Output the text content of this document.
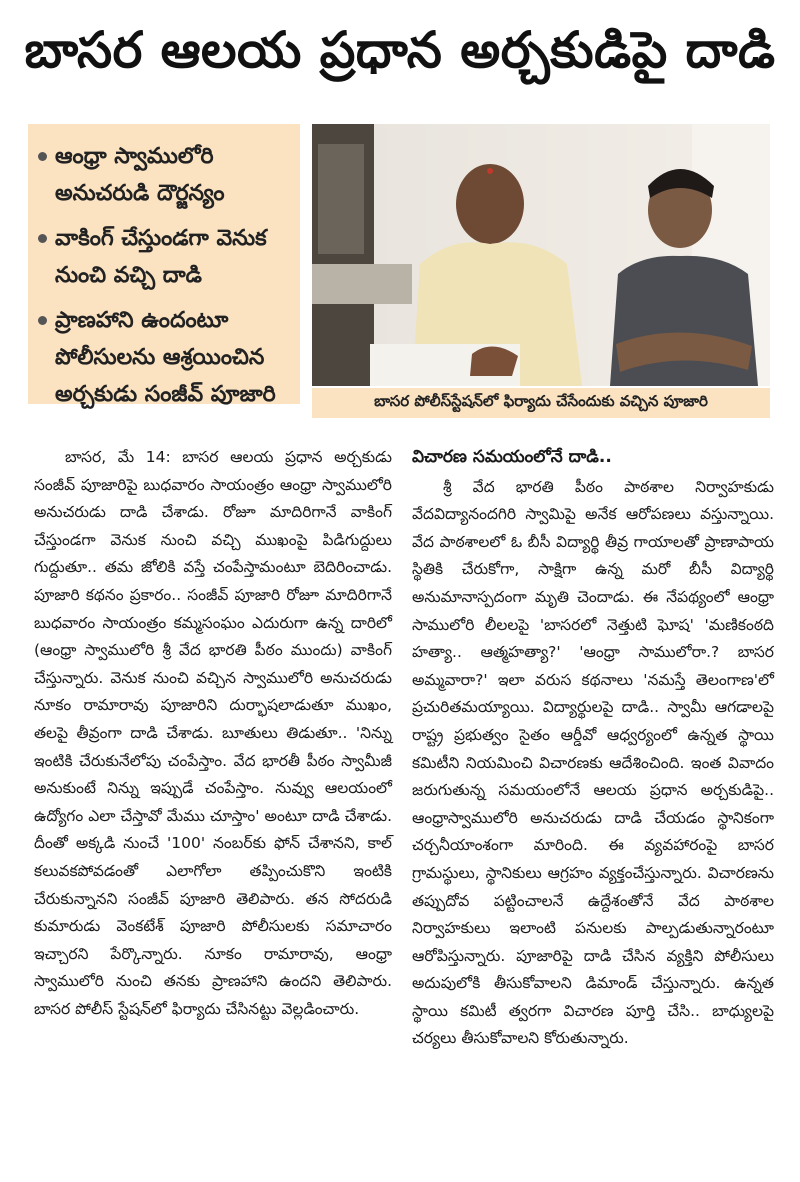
బాసర ఆలయ ప్రధాన అర్చకుడిపై దాడి
ఆంధ్రా స్వాములోరి అనుచరుడి దౌర్జన్యం
వాకింగ్ చేస్తుండగా వెనుక నుంచి వచ్చి దాడి
ప్రాణహాని ఉందంటూ పోలీసులను ఆశ్రయించిన అర్చకుడు సంజీవ్ పూజారి	బాసర పోలీస్‌స్టేషన్‌లో ఫిర్యాదు చేసేందుకు వచ్చిన పూజారి

బాసర, మే 14: బాసర ఆలయ ప్రధాన అర్చకుడు సంజీవ్ పూజారిపై బుధవారం సాయంత్రం ఆంధ్రా స్వాములోరి అనుచరుడు దాడి చేశాడు. రోజూ మాదిరిగానే వాకింగ్ చేస్తుండగా వెనుక నుంచి వచ్చి ముఖంపై పిడిగుద్దులు గుద్దుతూ.. తమ జోలికి వస్తే చంపేస్తామంటూ బెదిరించాడు. పూజారి కథనం ప్రకారం.. సంజీవ్ పూజారి రోజూ మాదిరిగానే బుధవారం సాయంత్రం కమ్మసంఘం ఎదురుగా ఉన్న దారిలో (ఆంధ్రా స్వాములోరి శ్రీ వేద భారతి పీఠం ముందు) వాకింగ్ చేస్తున్నారు. వెనుక నుంచి వచ్చిన స్వాములోరి అనుచరుడు నూకం రామారావు పూజారిని దుర్భాషలాడుతూ ముఖం, తలపై తీవ్రంగా దాడి చేశాడు. బూతులు తిడుతూ.. 'నిన్ను ఇంటికి చేరుకునేలోపు చంపేస్తాం. వేద భారతీ పీఠం స్వామీజీ అనుకుంటే నిన్ను ఇప్పుడే చంపేస్తాం. నువ్వు ఆలయంలో ఉద్యోగం ఎలా చేస్తావో మేము చూస్తాం' అంటూ దాడి చేశాడు. దీంతో అక్కడి నుంచే '100' నంబర్‌కు ఫోన్ చేశానని, కాల్ కలువకపోవడంతో ఎలాగోలా తప్పించుకొని ఇంటికి చేరుకున్నానని సంజీవ్ పూజారి తెలిపారు. తన సోదరుడి కుమారుడు వెంకటేశ్ పూజారి పోలీసులకు సమాచారం ఇచ్చారని పేర్కొన్నారు. నూకం రామారావు, ఆంధ్రా స్వాములోరి నుంచి తనకు ప్రాణహాని ఉందని తెలిపారు. బాసర పోలీస్ స్టేషన్‌లో ఫిర్యాదు చేసినట్టు వెల్లడించారు.

విచారణ సమయంలోనే దాడి..

శ్రీ వేద భారతి పీఠం పాఠశాల నిర్వాహకుడు వేదవిద్యానందగిరి స్వామిపై అనేక ఆరోపణలు వస్తున్నాయి. వేద పాఠశాలలో ఓ బీసీ విద్యార్థి తీవ్ర గాయాలతో ప్రాణాపాయ స్థితికి చేరుకోగా, సాక్షిగా ఉన్న మరో బీసీ విద్యార్థి అనుమానాస్పదంగా మృతి చెందాడు. ఈ నేపథ్యంలో ఆంధ్రా సాములోరి లీలలపై 'బాసరలో నెత్తుటి ఘోష' 'మణికంఠది హత్యా.. ఆత్మహత్యా?' 'ఆంధ్రా సాములోరా.? బాసర అమ్మవారా?' ఇలా వరుస కథనాలు 'నమస్తే తెలంగాణ'లో ప్రచురితమయ్యాయి. విద్యార్థులపై దాడి.. స్వామీ ఆగడాలపై రాష్ట్ర ప్రభుత్వం సైతం ఆర్డీవో ఆధ్వర్యంలో ఉన్నత స్థాయి కమిటీని నియమించి విచారణకు ఆదేశించింది. ఇంత వివాదం జరుగుతున్న సమయంలోనే ఆలయ ప్రధాన అర్చకుడిపై.. ఆంధ్రాస్వాములోరి అనుచరుడు దాడి చేయడం స్థానికంగా చర్చనీయాంశంగా మారింది. ఈ వ్యవహారంపై బాసర గ్రామస్థులు, స్థానికులు ఆగ్రహం వ్యక్తంచేస్తున్నారు. విచారణను తప్పుదోవ పట్టించాలనే ఉద్దేశంతోనే వేద పాఠశాల నిర్వాహకులు ఇలాంటి పనులకు పాల్పడుతున్నారంటూ ఆరోపిస్తున్నారు. పూజారిపై దాడి చేసిన వ్యక్తిని పోలీసులు అదుపులోకి తీసుకోవాలని డిమాండ్ చేస్తున్నారు. ఉన్నత స్థాయి కమిటీ త్వరగా విచారణ పూర్తి చేసి.. బాధ్యులపై చర్యలు తీసుకోవాలని కోరుతున్నారు.
